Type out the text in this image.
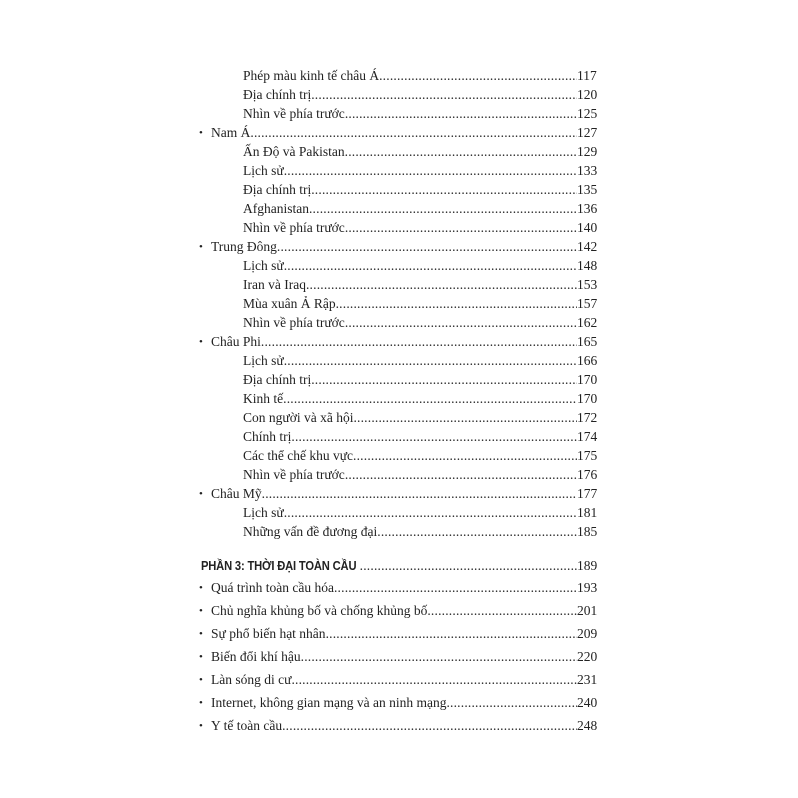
Phép màu kinh tế châu Á .....	117
Địa chính trị .....	120
Nhìn về phía trước .....	125
• Nam Á .....	127
Ấn Độ và Pakistan .....	129
Lịch sử .....	133
Địa chính trị .....	135
Afghanistan .....	136
Nhìn về phía trước .....	140
• Trung Đông .....	142
Lịch sử .....	148
Iran và Iraq .....	153
Mùa xuân Ả Rập .....	157
Nhìn về phía trước .....	162
• Châu Phi .....	165
Lịch sử .....	166
Địa chính trị .....	170
Kinh tế .....	170
Con người và xã hội .....	172
Chính trị .....	174
Các thể chế khu vực .....	175
Nhìn về phía trước .....	176
• Châu Mỹ .....	177
Lịch sử .....	181
Những vấn đề đương đại .....	185
PHẦN 3: THỜI ĐẠI TOÀN CẦU .....	189
• Quá trình toàn cầu hóa .....	193
• Chủ nghĩa khủng bố và chống khủng bố .....	201
• Sự phổ biến hạt nhân .....	209
• Biến đổi khí hậu .....	220
• Làn sóng di cư .....	231
• Internet, không gian mạng và an ninh mạng .....	240
• Y tế toàn cầu .....	248
